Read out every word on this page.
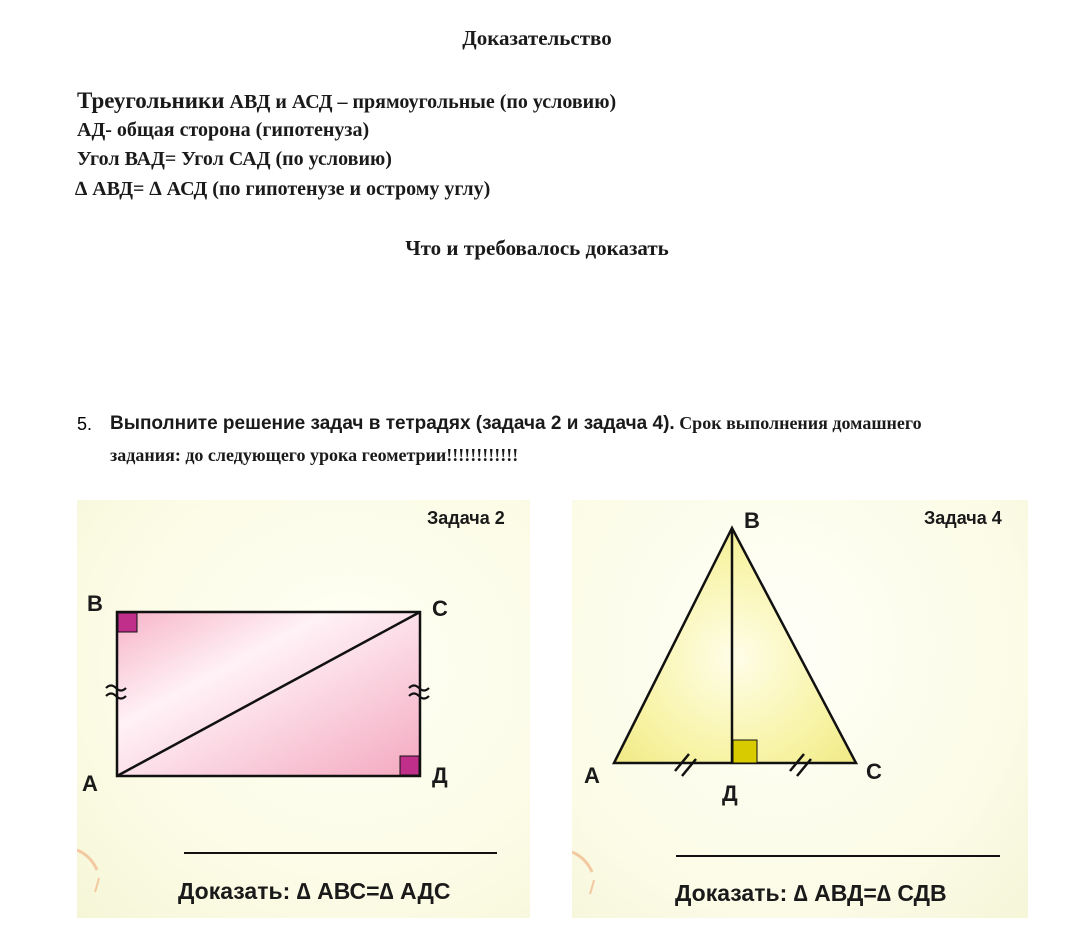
Доказательство
Треугольники АВД и АСД – прямоугольные (по условию)
АД- общая сторона (гипотенуза)
Угол ВАД= Угол САД (по условию)
∆ АВД= ∆ АСД (по гипотенузе и острому углу)
Что и требовалось доказать
5. Выполните решение задач в тетрадях (задача 2 и задача 4). Срок выполнения домашнего
задания: до следующего урока геометрии!!!!!!!!!!!!
В	С
А	Д
Задача 2
Доказать: ∆ АВС=∆ АДС
В
А	С
Д
Задача 4
Доказать: ∆ АВД=∆ СДВ
